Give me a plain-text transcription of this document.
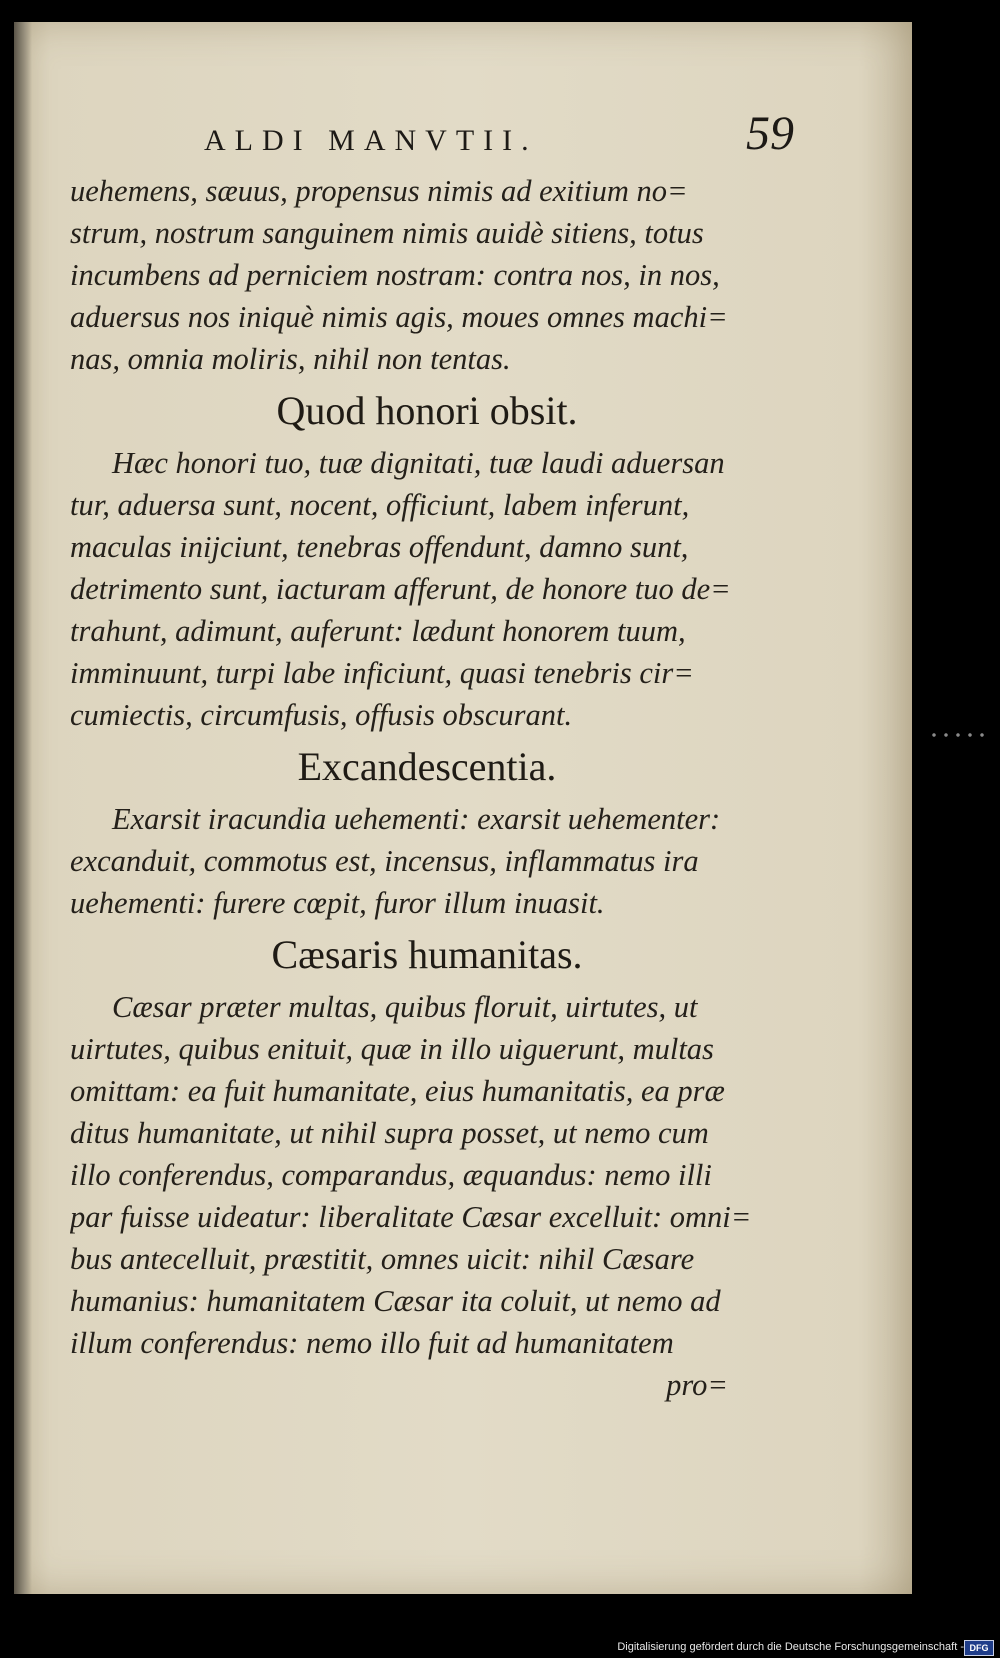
ALDI MANVTII.	59
uehemens, sæuus, propensus nimis ad exitium no=
strum, nostrum sanguinem nimis auidè sitiens, totus
incumbens ad perniciem nostram: contra nos, in nos,
aduersus nos iniquè nimis agis, moues omnes machi=
nas, omnia moliris, nihil non tentas.
Quod honori obsit.
Hæc honori tuo, tuæ dignitati, tuæ laudi aduersan
tur, aduersa sunt, nocent, officiunt, labem inferunt,
maculas inijciunt, tenebras offendunt, damno sunt,
detrimento sunt, iacturam afferunt, de honore tuo de=
trahunt, adimunt, auferunt: lædunt honorem tuum,
imminuunt, turpi labe inficiunt, quasi tenebris cir=
cumiectis, circumfusis, offusis obscurant.
Excandescentia.
Exarsit iracundia uehementi: exarsit uehementer:
excanduit, commotus est, incensus, inflammatus ira
uehementi: furere cœpit, furor illum inuasit.
Cæsaris humanitas.
Cæsar præter multas, quibus floruit, uirtutes, ut
uirtutes, quibus enituit, quæ in illo uiguerunt, multas
omittam: ea fuit humanitate, eius humanitatis, ea præ
ditus humanitate, ut nihil supra posset, ut nemo cum
illo conferendus, comparandus, æquandus: nemo illi
par fuisse uideatur: liberalitate Cæsar excelluit: omni=
bus antecelluit, præstitit, omnes uicit: nihil Cæsare
humanius: humanitatem Cæsar ita coluit, ut nemo ad
illum conferendus: nemo illo fuit ad humanitatem
pro=
Digitalisierung gefördert durch die Deutsche Forschungsgemeinschaft - DFG
